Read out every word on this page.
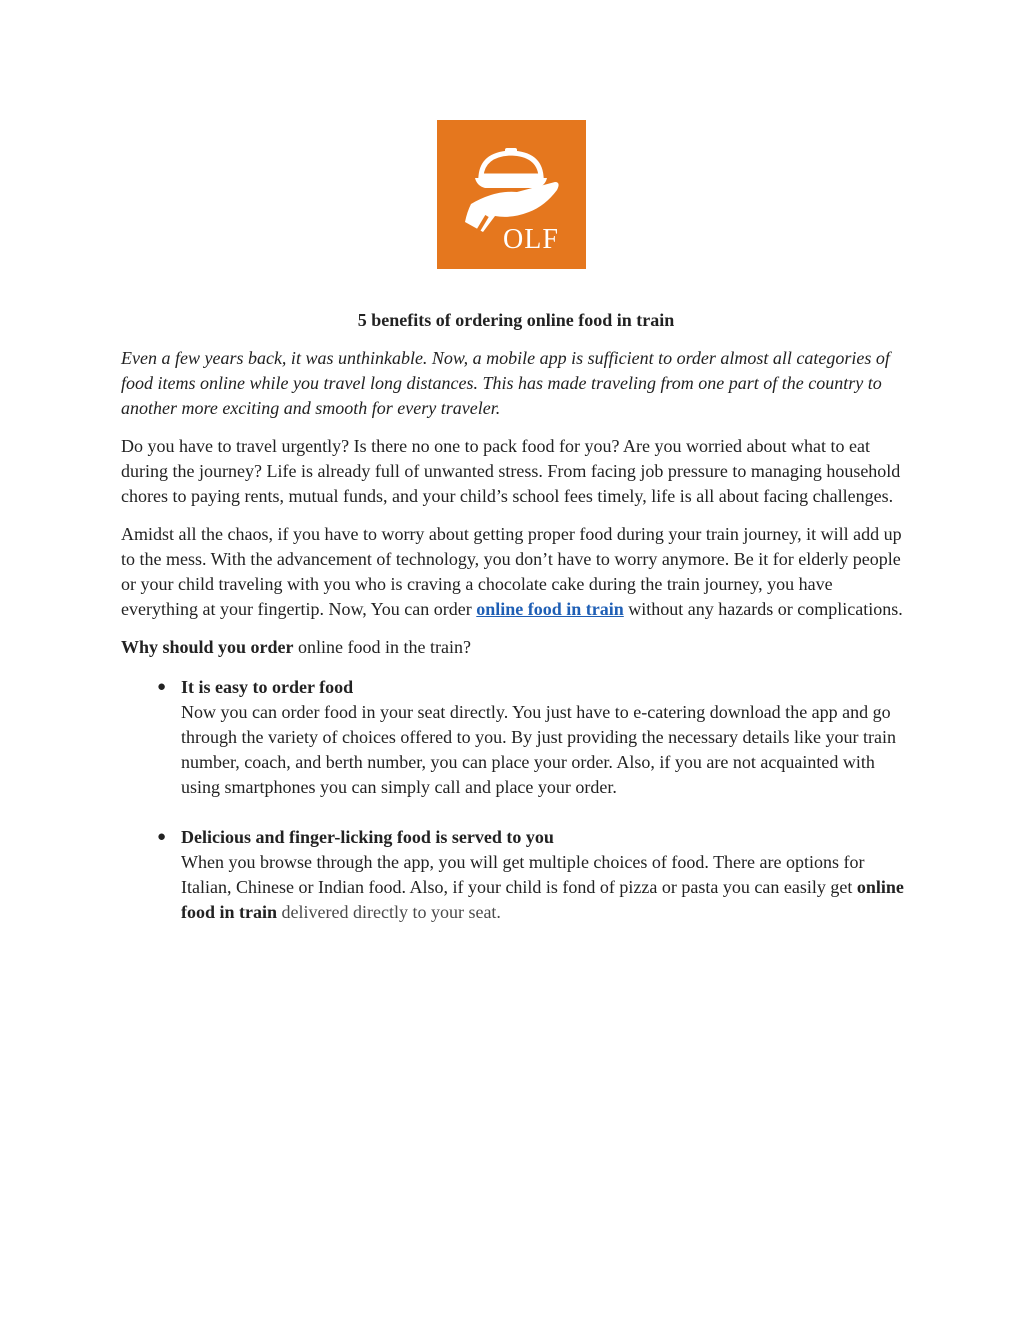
OLF
5 benefits of ordering online food in train

Even a few years back, it was unthinkable. Now, a mobile app is sufficient to order almost all categories of food items online while you travel long distances. This has made traveling from one part of the country to another more exciting and smooth for every traveler.

Do you have to travel urgently? Is there no one to pack food for you? Are you worried about what to eat during the journey? Life is already full of unwanted stress. From facing job pressure to managing household chores to paying rents, mutual funds, and your child’s school fees timely, life is all about facing challenges.

Amidst all the chaos, if you have to worry about getting proper food during your train journey, it will add up to the mess. With the advancement of technology, you don’t have to worry anymore. Be it for elderly people or your child traveling with you who is craving a chocolate cake during the train journey, you have everything at your fingertip. Now, You can order online food in train without any hazards or complications.

Why should you order online food in the train?
● It is easy to order food
Now you can order food in your seat directly. You just have to e-catering download the app and go through the variety of choices offered to you. By just providing the necessary details like your train number, coach, and berth number, you can place your order. Also, if you are not acquainted with using smartphones you can simply call and place your order.
● Delicious and finger-licking food is served to you
When you browse through the app, you will get multiple choices of food. There are options for Italian, Chinese or Indian food. Also, if your child is fond of pizza or pasta you can easily get online food in train delivered directly to your seat.
